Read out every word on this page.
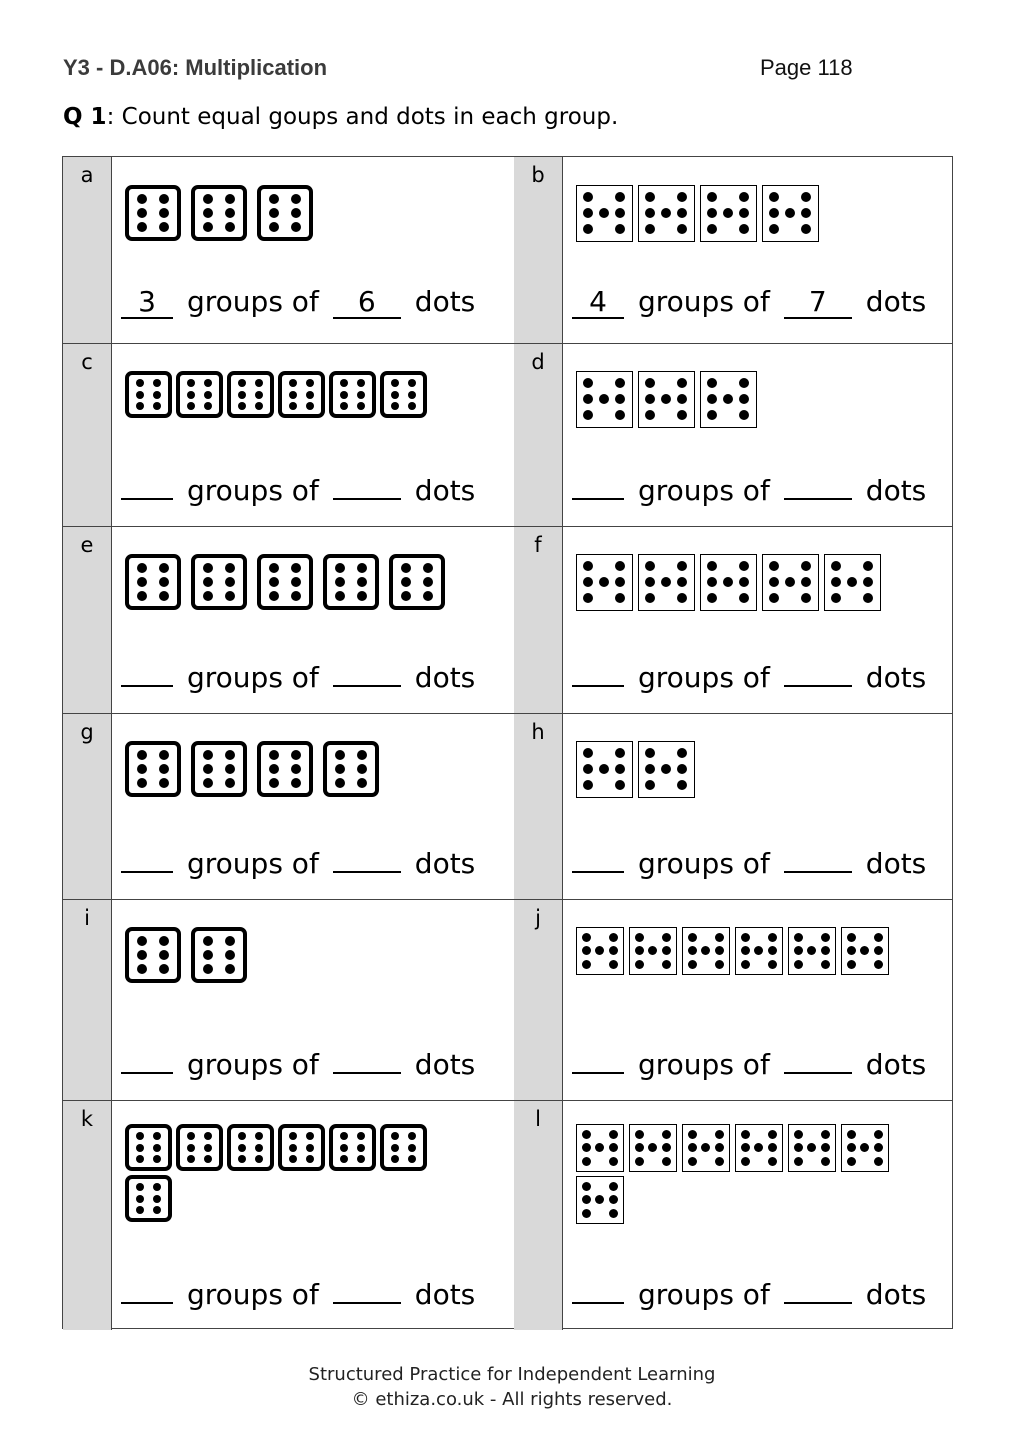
Y3 - D.A06: Multiplication	Page 118
Q 1: Count equal goups and dots in each group.
a
3 groups of 6 dots
b
4 groups of 7 dots
c
groups of	dots
d
groups of	dots
e
groups of	dots
f
groups of	dots
g
groups of	dots
h
groups of	dots
i
groups of	dots
j
groups of	dots
k
groups of	dots
l
groups of	dots
Structured Practice for Independent Learning
© ethiza.co.uk - All rights reserved.
